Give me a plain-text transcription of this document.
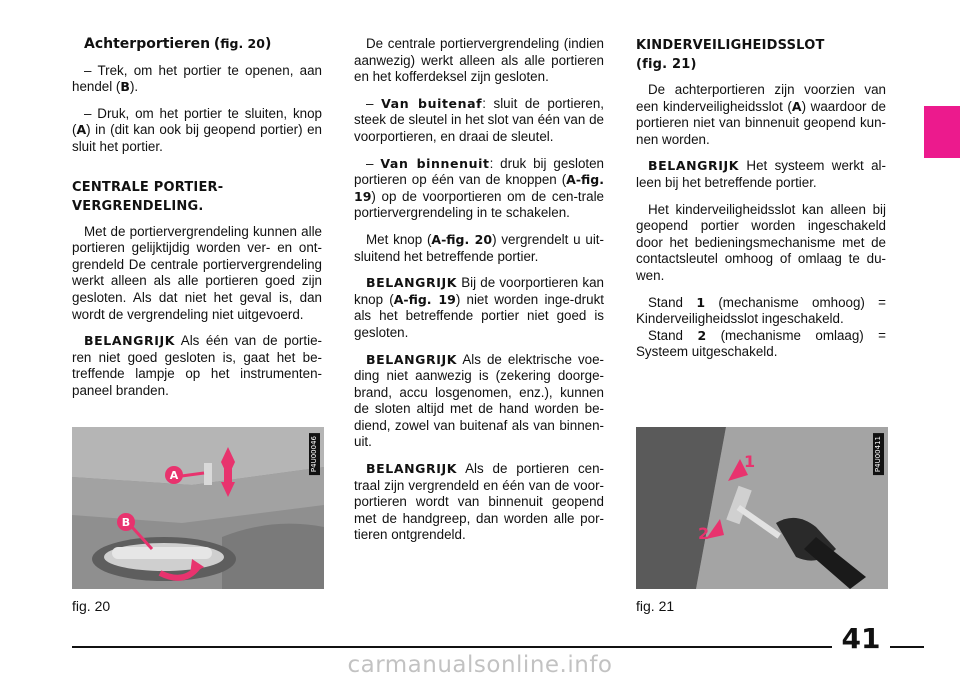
Achterportieren (fig. 20)

– Trek, om het portier te openen, aan hendel (B).

– Druk, om het portier te sluiten, knop (A) in (dit kan ook bij geopend portier) en sluit het portier.

CENTRALE PORTIER-
VERGRENDELING.

Met de portiervergrendeling kunnen alle portieren gelijktijdig worden ver- en ont-grendeld De centrale portiervergrendeling werkt alleen als alle portieren goed zijn gesloten. Als dat niet het geval is, dan wordt de vergrendeling niet uitgevoerd.

BELANGRIJK Als één van de portie-ren niet goed gesloten is, gaat het be-treffende lampje op het instrumenten-paneel branden.

De centrale portiervergrendeling (indien aanwezig) werkt alleen als alle portieren en het kofferdeksel zijn gesloten.

– Van buitenaf: sluit de portieren, steek de sleutel in het slot van één van de voorportieren, en draai de sleutel.

– Van binnenuit: druk bij gesloten portieren op één van de knoppen (A-fig. 19) op de voorportieren om de cen-trale portiervergrendeling in te schakelen.

Met knop (A-fig. 20) vergrendelt u uit-sluitend het betreffende portier.

BELANGRIJK Bij de voorportieren kan knop (A-fig. 19) niet worden inge-drukt als het betreffende portier niet goed is gesloten.

BELANGRIJK Als de elektrische voe-ding niet aanwezig is (zekering doorge-brand, accu losgenomen, enz.), kunnen de sloten altijd met de hand worden be-diend, zowel van buitenaf als van binnen-uit.

BELANGRIJK Als de portieren cen-traal zijn vergrendeld en één van de voor-portieren wordt van binnenuit geopend met de handgreep, dan worden alle por-tieren ontgrendeld.

KINDERVEILIGHEIDSSLOT
(fig. 21)

De achterportieren zijn voorzien van een kinderveiligheidsslot (A) waardoor de portieren niet van binnenuit geopend kun-nen worden.

BELANGRIJK Het systeem werkt al-leen bij het betreffende portier.

Het kinderveiligheidsslot kan alleen bij geopend portier worden ingeschakeld door het bedieningsmechanisme met de contactsleutel omhoog of omlaag te du-wen.

Stand 1 (mechanisme omhoog) = Kinderveiligheidsslot ingeschakeld.

Stand 2 (mechanisme omlaag) = Systeem uitgeschakeld.

A
B
P4U00046
fig. 20
1
2
P4U00411
fig. 21
41
carmanualsonline.info
